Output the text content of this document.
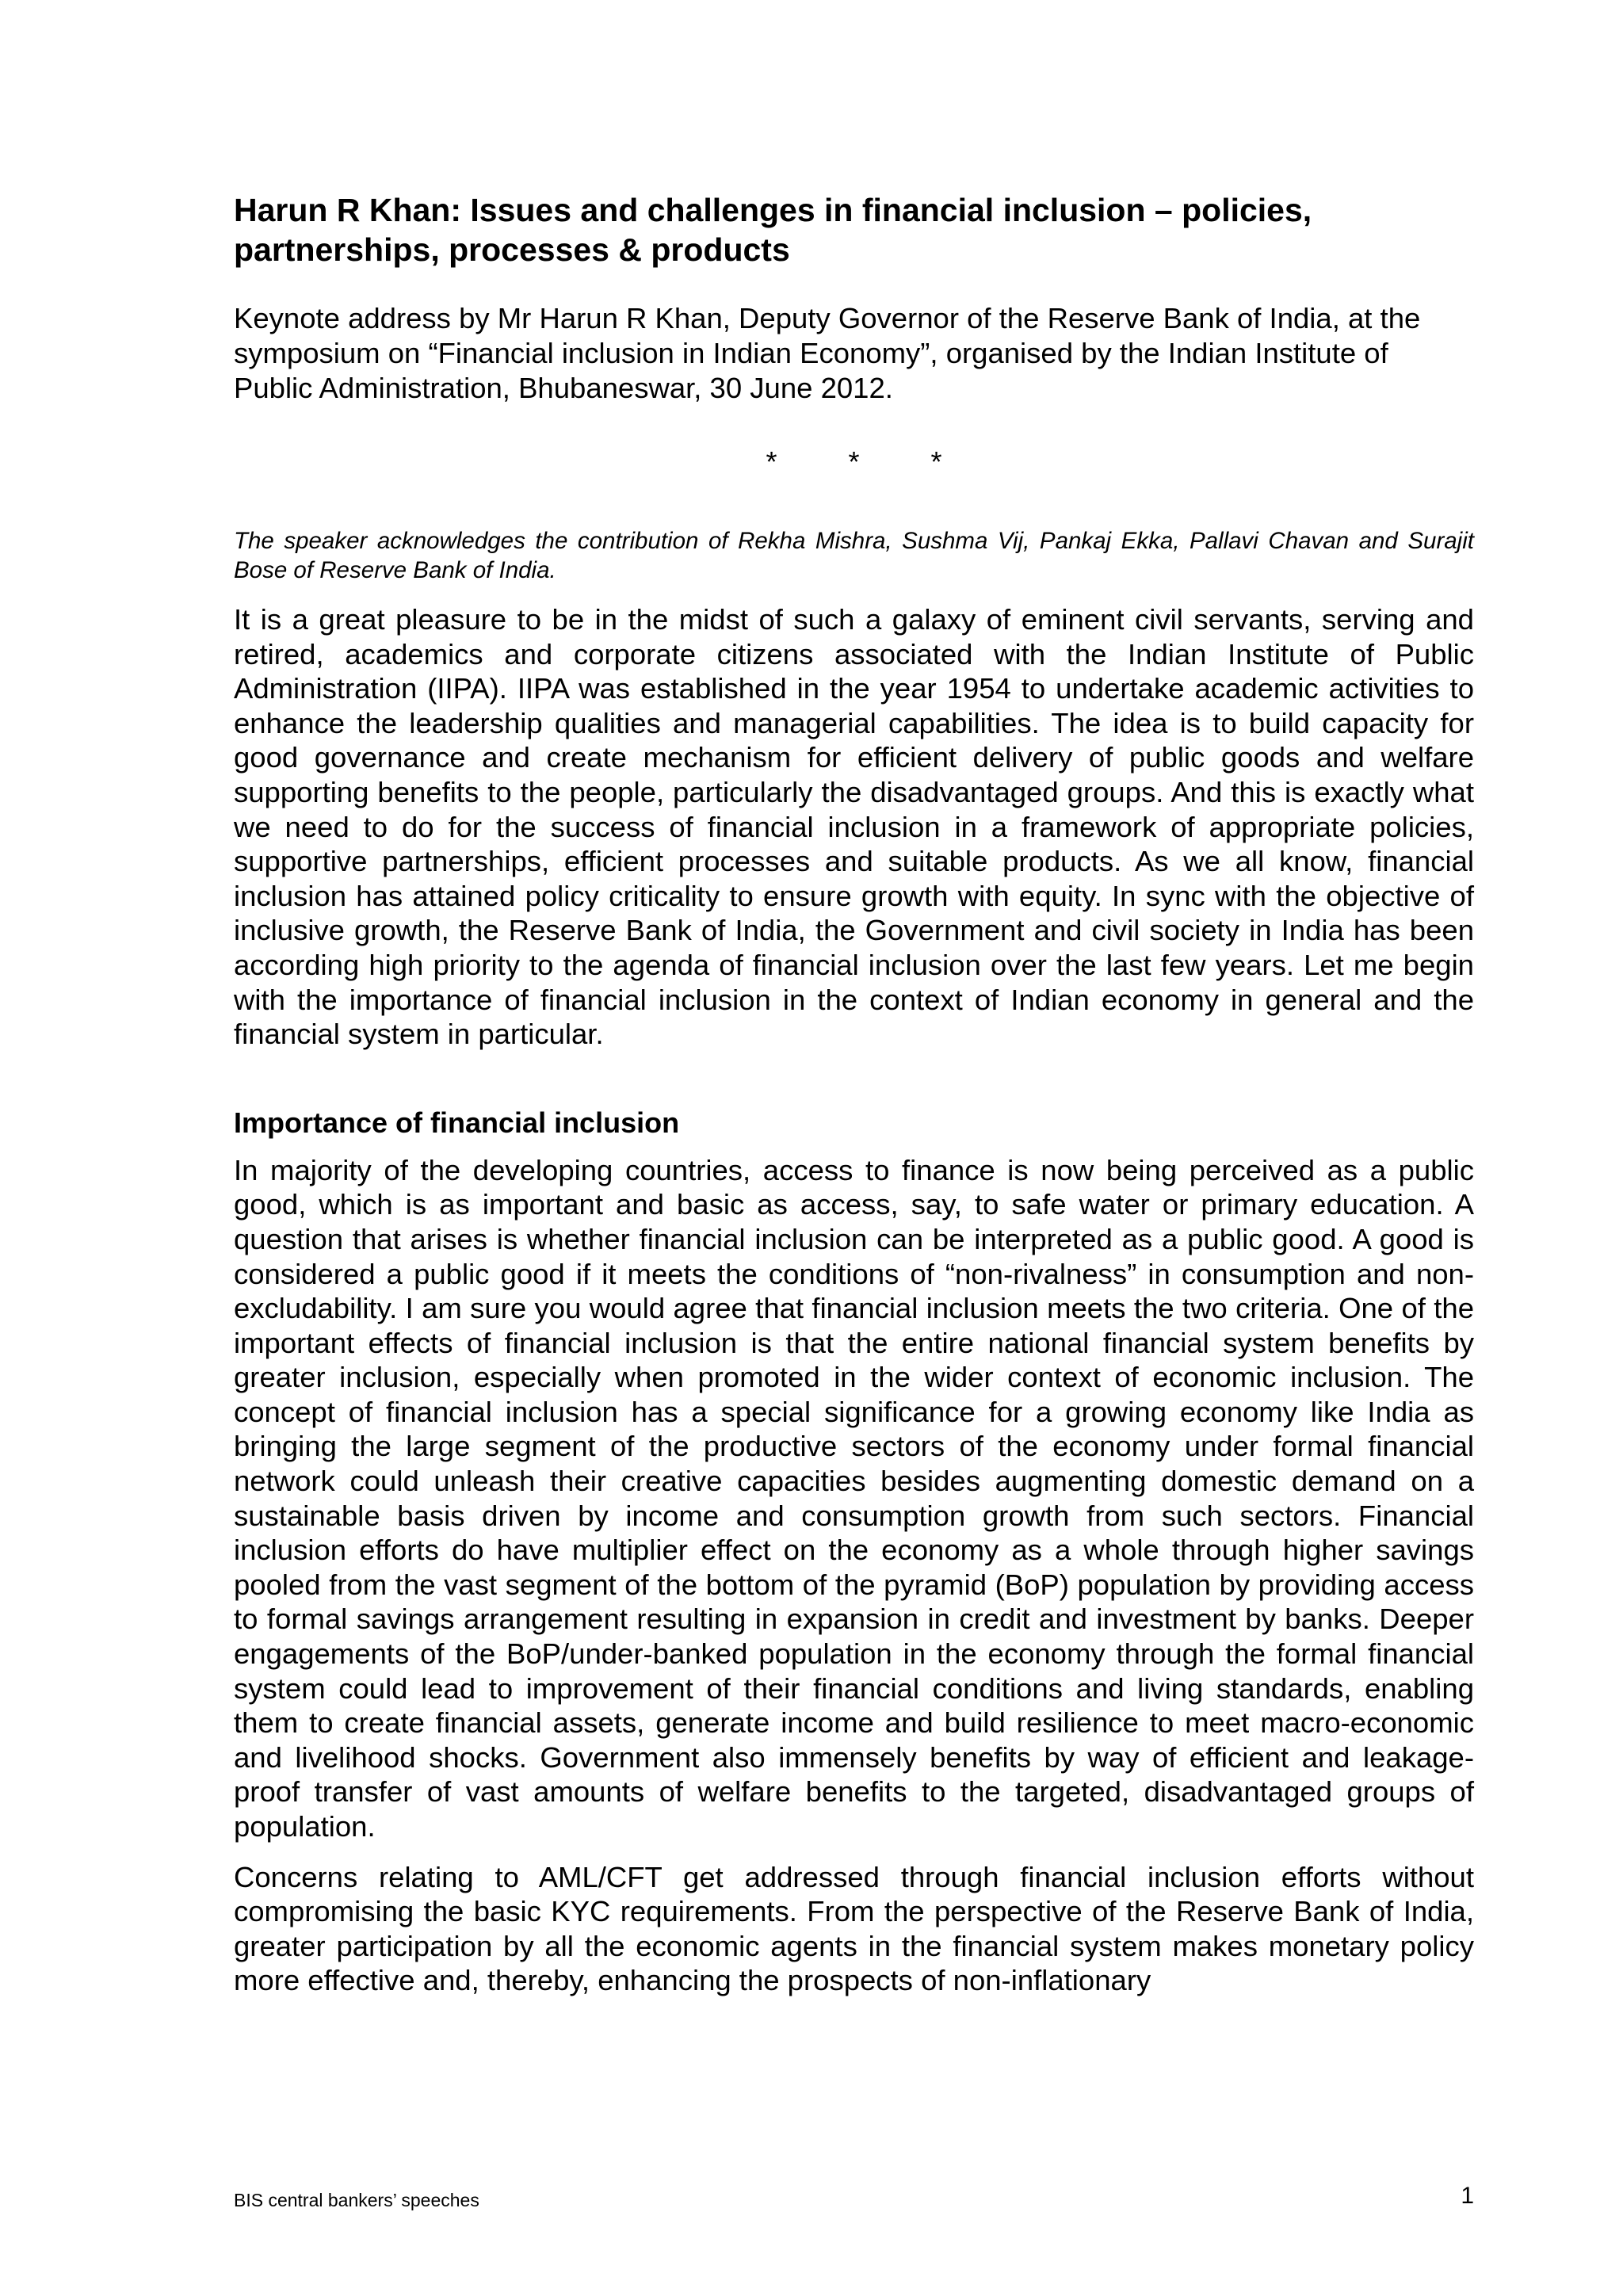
Harun R Khan: Issues and challenges in financial inclusion – policies, partnerships, processes & products

Keynote address by Mr Harun R Khan, Deputy Governor of the Reserve Bank of India, at the symposium on “Financial inclusion in Indian Economy”, organised by the Indian Institute of Public Administration, Bhubaneswar, 30 June 2012.

* * *

The speaker acknowledges the contribution of Rekha Mishra, Sushma Vij, Pankaj Ekka, Pallavi Chavan and Surajit Bose of Reserve Bank of India.

It is a great pleasure to be in the midst of such a galaxy of eminent civil servants, serving and retired, academics and corporate citizens associated with the Indian Institute of Public Administration (IIPA). IIPA was established in the year 1954 to undertake academic activities to enhance the leadership qualities and managerial capabilities. The idea is to build capacity for good governance and create mechanism for efficient delivery of public goods and welfare supporting benefits to the people, particularly the disadvantaged groups. And this is exactly what we need to do for the success of financial inclusion in a framework of appropriate policies, supportive partnerships, efficient processes and suitable products. As we all know, financial inclusion has attained policy criticality to ensure growth with equity. In sync with the objective of inclusive growth, the Reserve Bank of India, the Government and civil society in India has been according high priority to the agenda of financial inclusion over the last few years. Let me begin with the importance of financial inclusion in the context of Indian economy in general and the financial system in particular.

Importance of financial inclusion

In majority of the developing countries, access to finance is now being perceived as a public good, which is as important and basic as access, say, to safe water or primary education. A question that arises is whether financial inclusion can be interpreted as a public good. A good is considered a public good if it meets the conditions of “non-rivalness” in consumption and non-excludability. I am sure you would agree that financial inclusion meets the two criteria. One of the important effects of financial inclusion is that the entire national financial system benefits by greater inclusion, especially when promoted in the wider context of economic inclusion. The concept of financial inclusion has a special significance for a growing economy like India as bringing the large segment of the productive sectors of the economy under formal financial network could unleash their creative capacities besides augmenting domestic demand on a sustainable basis driven by income and consumption growth from such sectors. Financial inclusion efforts do have multiplier effect on the economy as a whole through higher savings pooled from the vast segment of the bottom of the pyramid (BoP) population by providing access to formal savings arrangement resulting in expansion in credit and investment by banks. Deeper engagements of the BoP/under-banked population in the economy through the formal financial system could lead to improvement of their financial conditions and living standards, enabling them to create financial assets, generate income and build resilience to meet macro-economic and livelihood shocks. Government also immensely benefits by way of efficient and leakage-proof transfer of vast amounts of welfare benefits to the targeted, disadvantaged groups of population.

Concerns relating to AML/CFT get addressed through financial inclusion efforts without compromising the basic KYC requirements. From the perspective of the Reserve Bank of India, greater participation by all the economic agents in the financial system makes monetary policy more effective and, thereby, enhancing the prospects of non-inflationary

BIS central bankers’ speeches	1
